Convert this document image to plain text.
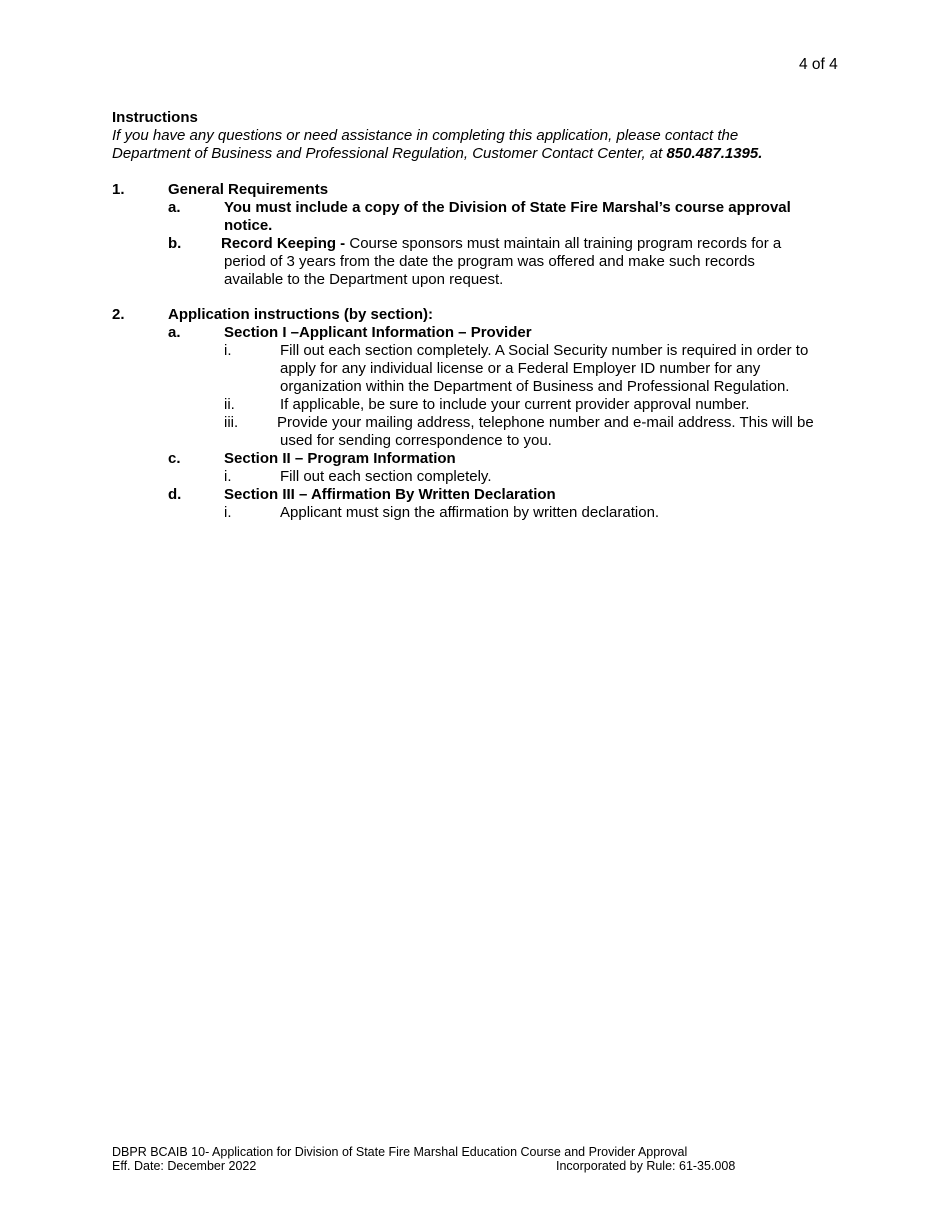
4 of 4
Instructions
If you have any questions or need assistance in completing this application, please contact the
Department of Business and Professional Regulation, Customer Contact Center, at 850.487.1395.
1.	General Requirements
a.	You must include a copy of the Division of State Fire Marshal’s course approval
notice.
b.	Record Keeping - Course sponsors must maintain all training program records for a
period of 3 years from the date the program was offered and make such records
available to the Department upon request.
2.	Application instructions (by section):
a.	Section I –Applicant Information – Provider
i.	Fill out each section completely. A Social Security number is required in order to
apply for any individual license or a Federal Employer ID number for any
organization within the Department of Business and Professional Regulation.
ii.	If applicable, be sure to include your current provider approval number.
iii.	Provide your mailing address, telephone number and e-mail address. This will be
used for sending correspondence to you.
c.	Section II – Program Information
i.	Fill out each section completely.
d.	Section III – Affirmation By Written Declaration
i.	Applicant must sign the affirmation by written declaration.
DBPR BCAIB 10- Application for Division of State Fire Marshal Education Course and Provider Approval
Eff. Date: December 2022	Incorporated by Rule: 61-35.008
